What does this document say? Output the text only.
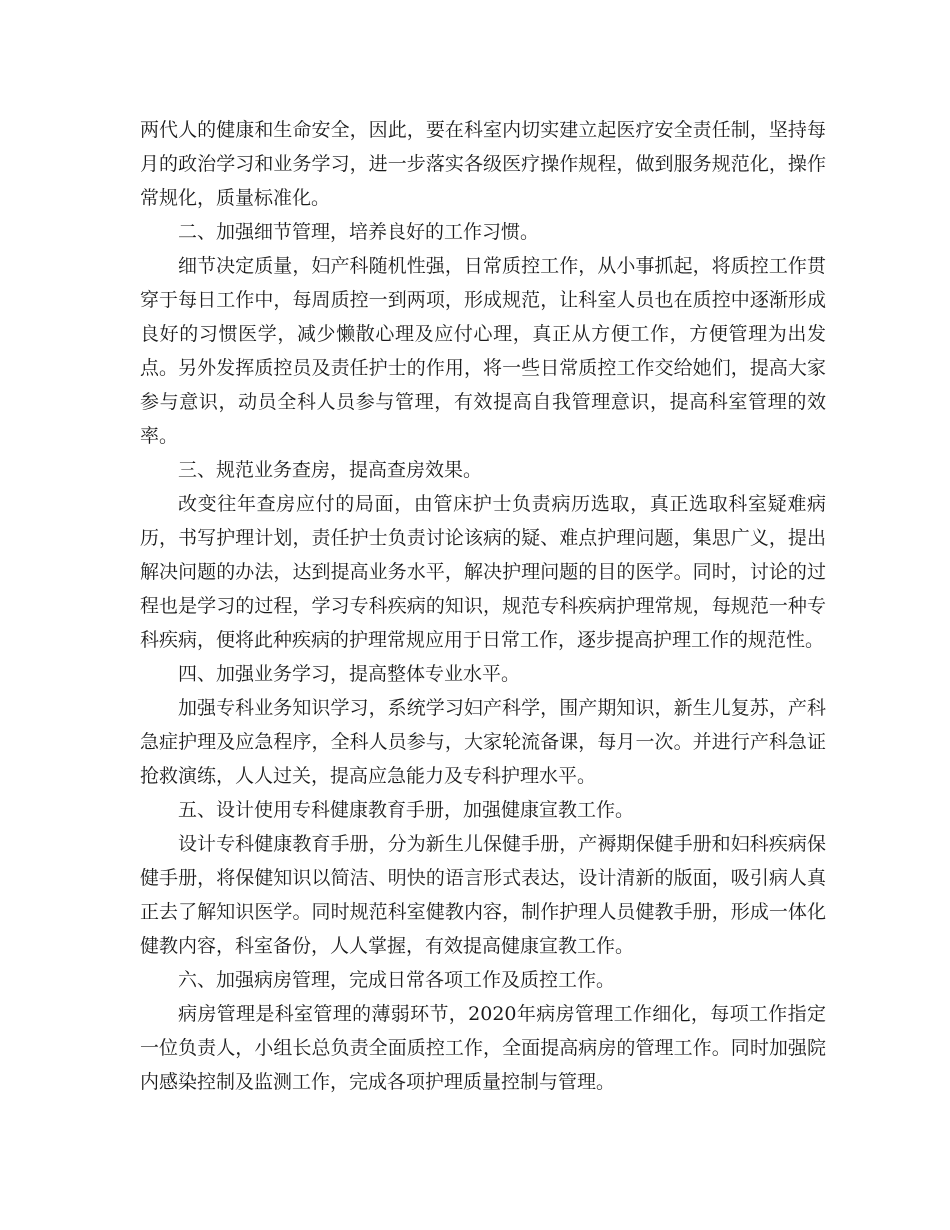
两代人的健康和生命安全，因此，要在科室内切实建立起医疗安全责任制，坚持每月的政治学习和业务学习，进一步落实各级医疗操作规程，做到服务规范化，操作常规化，质量标准化。

二、加强细节管理，培养良好的工作习惯。

细节决定质量，妇产科随机性强，日常质控工作，从小事抓起，将质控工作贯穿于每日工作中，每周质控一到两项，形成规范，让科室人员也在质控中逐渐形成良好的习惯医学，减少懒散心理及应付心理，真正从方便工作，方便管理为出发点。另外发挥质控员及责任护士的作用，将一些日常质控工作交给她们，提高大家参与意识，动员全科人员参与管理，有效提高自我管理意识，提高科室管理的效率。

三、规范业务查房，提高查房效果。

改变往年查房应付的局面，由管床护士负责病历选取，真正选取科室疑难病历，书写护理计划，责任护士负责讨论该病的疑、难点护理问题，集思广义，提出解决问题的办法，达到提高业务水平，解决护理问题的目的医学。同时，讨论的过程也是学习的过程，学习专科疾病的知识，规范专科疾病护理常规，每规范一种专科疾病，便将此种疾病的护理常规应用于日常工作，逐步提高护理工作的规范性。

四、加强业务学习，提高整体专业水平。

加强专科业务知识学习，系统学习妇产科学，围产期知识，新生儿复苏，产科急症护理及应急程序，全科人员参与，大家轮流备课，每月一次。并进行产科急证抢救演练，人人过关，提高应急能力及专科护理水平。

五、设计使用专科健康教育手册，加强健康宣教工作。

设计专科健康教育手册，分为新生儿保健手册，产褥期保健手册和妇科疾病保健手册，将保健知识以简洁、明快的语言形式表达，设计清新的版面，吸引病人真正去了解知识医学。同时规范科室健教内容，制作护理人员健教手册，形成一体化健教内容，科室备份，人人掌握，有效提高健康宣教工作。

六、加强病房管理，完成日常各项工作及质控工作。

病房管理是科室管理的薄弱环节，2020年病房管理工作细化，每项工作指定一位负责人，小组长总负责全面质控工作，全面提高病房的管理工作。同时加强院内感染控制及监测工作，完成各项护理质量控制与管理。
